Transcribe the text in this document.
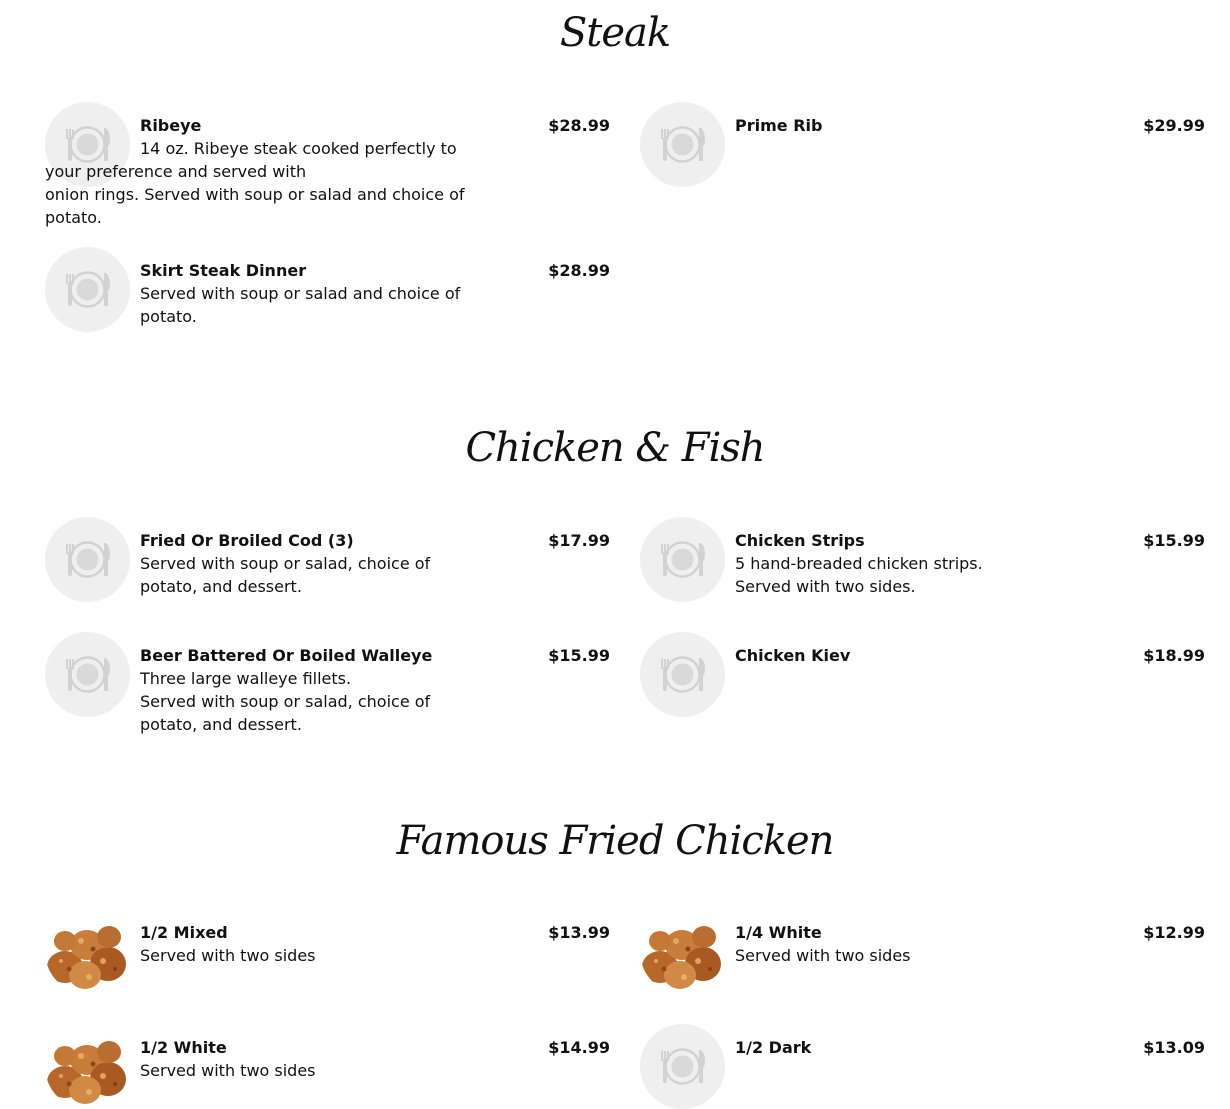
Steak
Ribeye	$28.99
14 oz. Ribeye steak cooked perfectly to
your preference and served with
onion rings. Served with soup or salad and choice of potato.
Prime Rib	$29.99
Skirt Steak Dinner	$28.99
Served with soup or salad and choice of potato.
Chicken & Fish
Fried Or Broiled Cod (3)	$17.99
Served with soup or salad, choice of potato, and dessert.
Chicken Strips	$15.99
5 hand-breaded chicken strips.
Served with two sides.
Beer Battered Or Boiled Walleye	$15.99
Three large walleye fillets.
Served with soup or salad, choice of potato, and dessert.
Chicken Kiev	$18.99
Famous Fried Chicken
1/2 Mixed	$13.99
Served with two sides
1/4 White	$12.99
Served with two sides
1/2 White	$14.99
Served with two sides
1/2 Dark	$13.09
